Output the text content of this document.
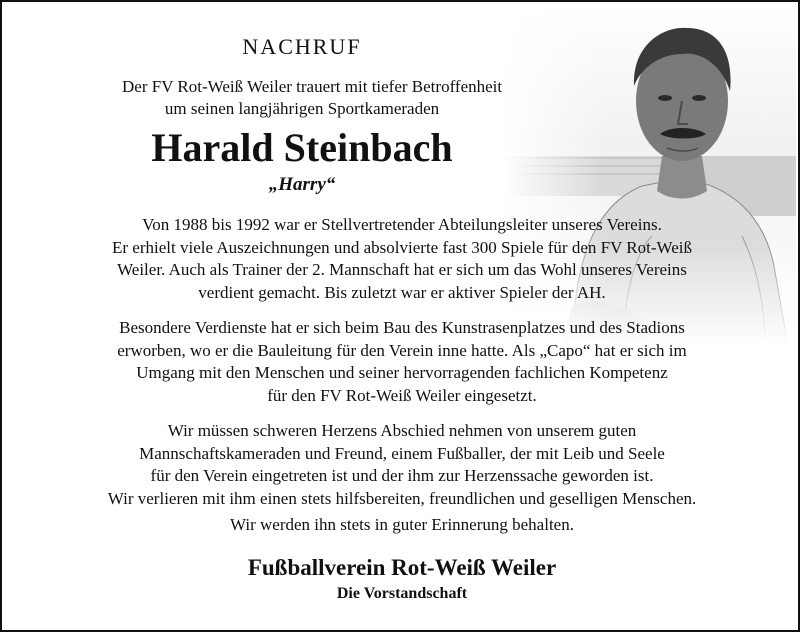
NACHRUF
Der FV Rot-Weiß Weiler trauert mit tiefer Betroffenheit
um seinen langjährigen Sportkameraden
Harald Steinbach
„Harry“
Von 1988 bis 1992 war er Stellvertretender Abteilungsleiter unseres Vereins.
Er erhielt viele Auszeichnungen und absolvierte fast 300 Spiele für den FV Rot-Weiß
Weiler. Auch als Trainer der 2. Mannschaft hat er sich um das Wohl unseres Vereins
verdient gemacht. Bis zuletzt war er aktiver Spieler der AH.
Besondere Verdienste hat er sich beim Bau des Kunstrasenplatzes und des Stadions
erworben, wo er die Bauleitung für den Verein inne hatte. Als „Capo“ hat er sich im
Umgang mit den Menschen und seiner hervorragenden fachlichen Kompetenz
für den FV Rot-Weiß Weiler eingesetzt.
Wir müssen schweren Herzens Abschied nehmen von unserem guten
Mannschaftskameraden und Freund, einem Fußballer, der mit Leib und Seele
für den Verein eingetreten ist und der ihm zur Herzenssache geworden ist.
Wir verlieren mit ihm einen stets hilfsbereiten, freundlichen und geselligen Menschen.
Wir werden ihn stets in guter Erinnerung behalten.
Fußballverein Rot-Weiß Weiler
Die Vorstandschaft
